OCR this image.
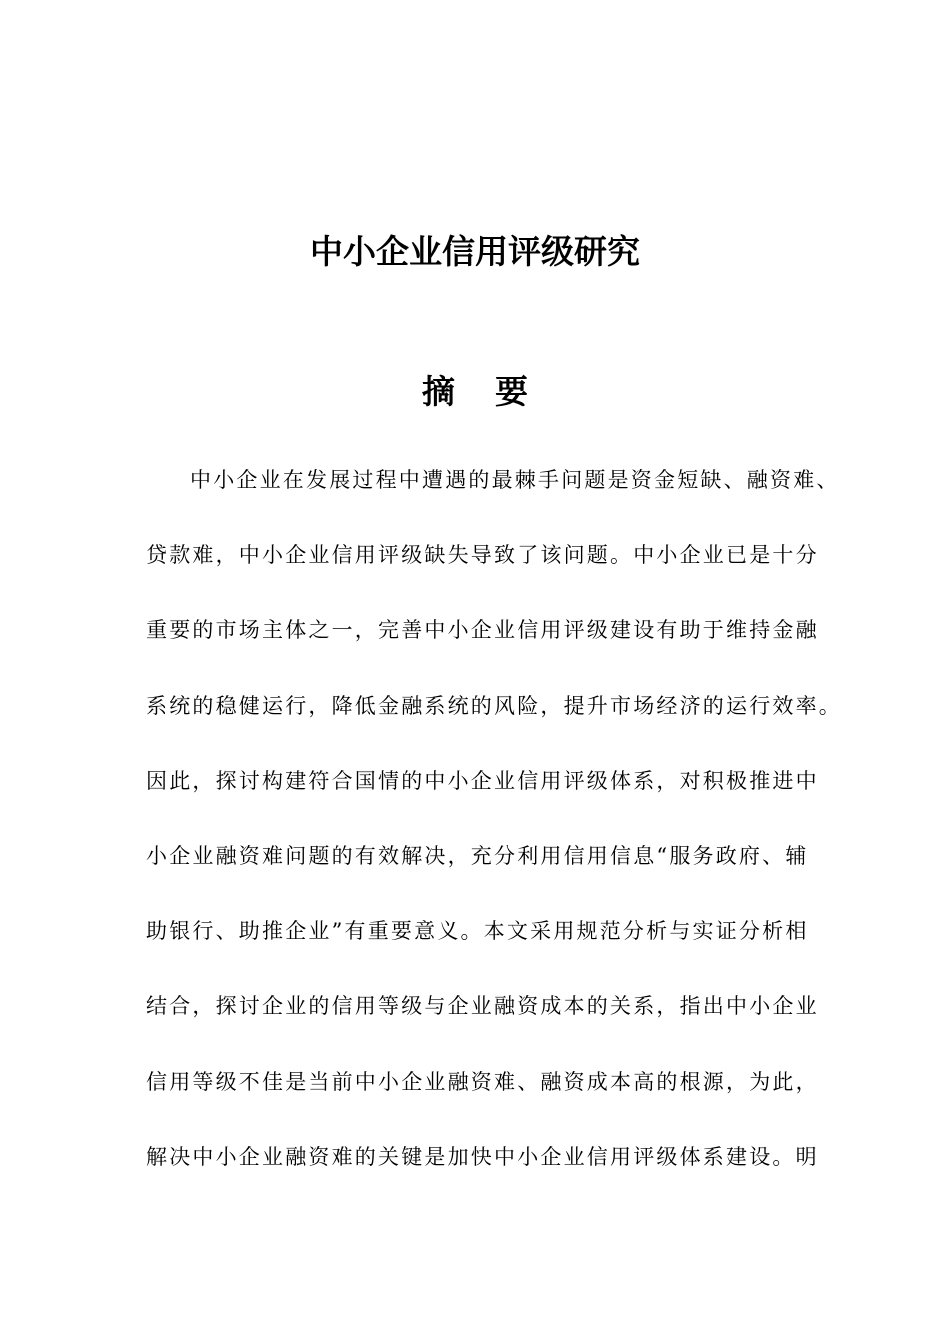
中小企业信用评级研究
摘要
中小企业在发展过程中遭遇的最棘手问题是资金短缺、融资难、
贷款难，中小企业信用评级缺失导致了该问题。中小企业已是十分
重要的市场主体之一，完善中小企业信用评级建设有助于维持金融
系统的稳健运行，降低金融系统的风险，提升市场经济的运行效率。
因此，探讨构建符合国情的中小企业信用评级体系，对积极推进中
小企业融资难问题的有效解决，充分利用信用信息“服务政府、辅
助银行、助推企业”有重要意义。本文采用规范分析与实证分析相
结合，探讨企业的信用等级与企业融资成本的关系，指出中小企业
信用等级不佳是当前中小企业融资难、融资成本高的根源，为此，
解决中小企业融资难的关键是加快中小企业信用评级体系建设。明
